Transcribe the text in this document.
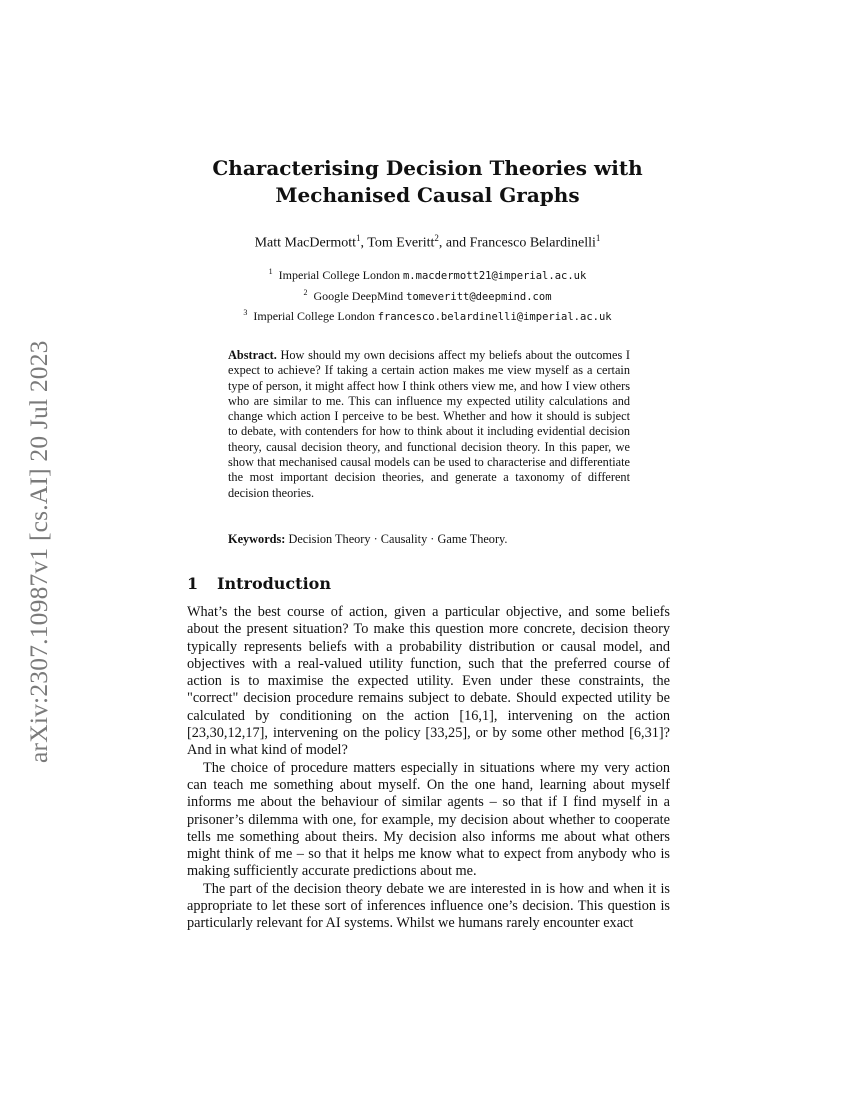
arXiv:2307.10987v1 [cs.AI] 20 Jul 2023
Characterising Decision Theories with
Mechanised Causal Graphs
Matt MacDermott$^1$, Tom Everitt$^2$, and Francesco Belardinelli$^1$
$^1$ Imperial College London m.macdermott21@imperial.ac.uk
$^2$ Google DeepMind tomeveritt@deepmind.com
$^3$ Imperial College London francesco.belardinelli@imperial.ac.uk
Abstract. How should my own decisions affect my beliefs about the outcomes I expect to achieve? If taking a certain action makes me view myself as a certain type of person, it might affect how I think others view me, and how I view others who are similar to me. This can influence my expected utility calculations and change which action I perceive to be best. Whether and how it should is subject to debate, with contenders for how to think about it including evidential decision theory, causal decision theory, and functional decision theory. In this paper, we show that mechanised causal models can be used to characterise and differentiate the most important decision theories, and generate a taxonomy of different decision theories.
Keywords: Decision Theory · Causality · Game Theory.
1 Introduction

What’s the best course of action, given a particular objective, and some beliefs about the present situation? To make this question more concrete, decision theory typically represents beliefs with a probability distribution or causal model, and objectives with a real-valued utility function, such that the preferred course of action is to maximise the expected utility. Even under these constraints, the "correct" decision procedure remains subject to debate. Should expected utility be calculated by conditioning on the action [16,1], intervening on the action [23,30,12,17], intervening on the policy [33,25], or by some other method [6,31]? And in what kind of model?

The choice of procedure matters especially in situations where my very action can teach me something about myself. On the one hand, learning about myself informs me about the behaviour of similar agents – so that if I find myself in a prisoner’s dilemma with one, for example, my decision about whether to cooperate tells me something about theirs. My decision also informs me about what others might think of me – so that it helps me know what to expect from anybody who is making sufficiently accurate predictions about me.

The part of the decision theory debate we are interested in is how and when it is appropriate to let these sort of inferences influence one’s decision. This question is particularly relevant for AI systems. Whilst we humans rarely encounter exact
